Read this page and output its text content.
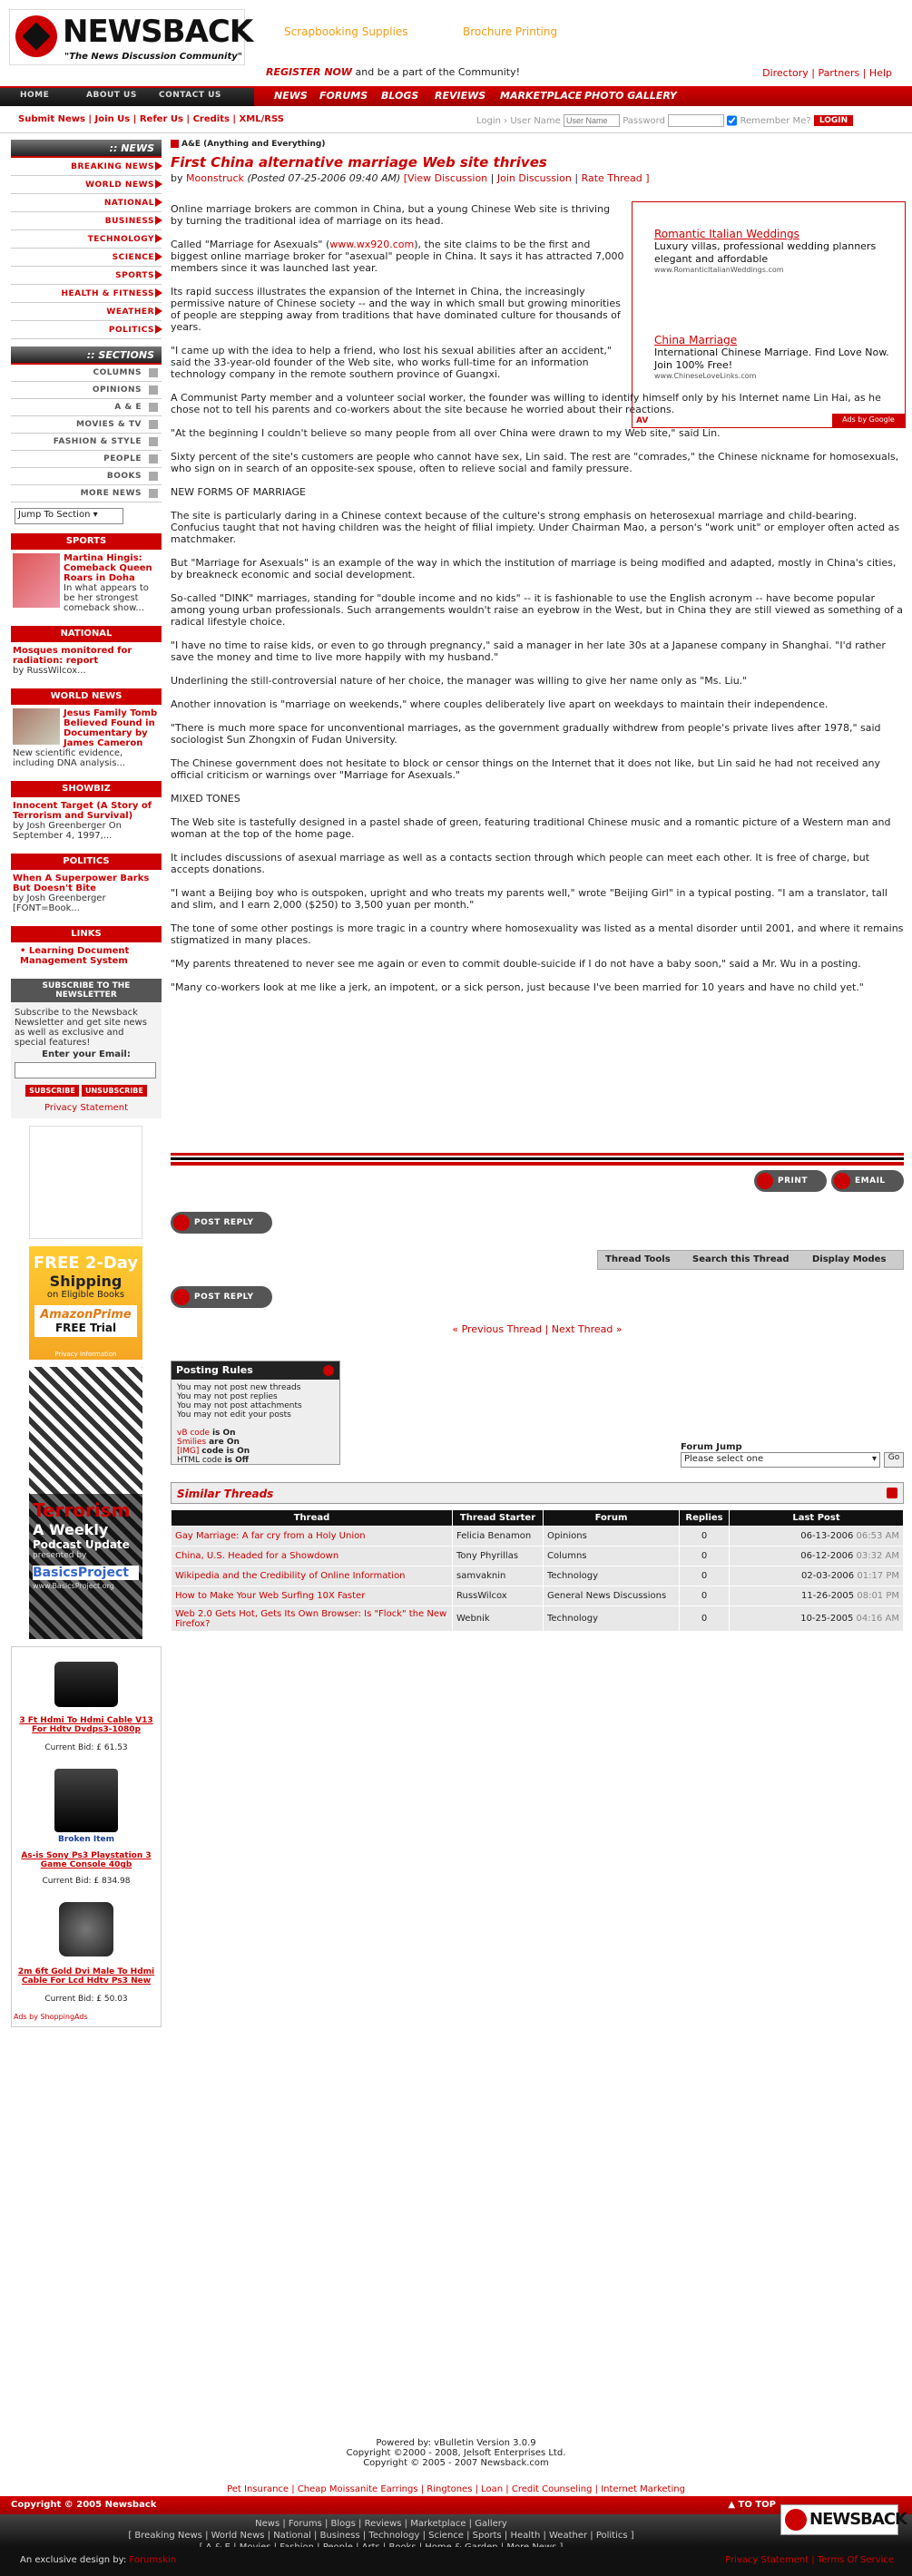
NEWSBACK
"The News Discussion Community"
Scrapbooking Supplies	Brochure Printing
REGISTER NOW and be a part of the Community!	Directory | Partners | Help
HOME	ABOUT US	CONTACT US	NEWS FORUMS BLOGS REVIEWS MARKETPLACE PHOTO GALLERY
Submit News | Join Us | Refer Us | Credits | XML/RSS	Login › User Name User Name	Password	Remember Me? LOGIN
:: NEWS
BREAKING NEWS
WORLD NEWS
NATIONAL
BUSINESS
TECHNOLOGY
SCIENCE
SPORTS
HEALTH & FITNESS
WEATHER
POLITICS
:: SECTIONS
COLUMNS
OPINIONS
A & E
MOVIES & TV
FASHION & STYLE
PEOPLE
BOOKS
MORE NEWS
Jump To Section ▾
SPORTS
Martina Hingis: Comeback Queen Roars in Doha
In what appears to be her strongest comeback show...
NATIONAL
Mosques monitored for radiation: report
by RussWilcox...
WORLD NEWS
Jesus Family Tomb Believed Found in Documentary by James Cameron
New scientific evidence, including DNA analysis...
SHOWBIZ
Innocent Target (A Story of Terrorism and Survival)
by Josh Greenberger On September 4, 1997,...
POLITICS
When A Superpower Barks But Doesn't Bite
by Josh Greenberger [FONT=Book...
LINKS
• Learning Document Management System
SUBSCRIBE TO THE NEWSLETTER
Subscribe to the Newsback Newsletter and get site news as well as exclusive and special features!
Enter your Email:
SUBSCRIBE UNSUBSCRIBE
Privacy Statement
FREE 2-Day
Shipping
on Eligible Books
AmazonPrime
FREE Trial
Privacy Information
Terrorism
A Weekly
Podcast Update
presented by
BasicsProject
www.BasicsProject.org
3 Ft Hdmi To Hdmi Cable V13 For Hdtv Dvdps3-1080p
Current Bid: £ 61.53
Broken Item
As-is Sony Ps3 Playstation 3 Game Console 40gb
Current Bid: £ 834.98
2m 6ft Gold Dvi Male To Hdmi Cable For Lcd Hdtv Ps3 New
Current Bid: £ 50.03
Ads by ShoppingAds
A&E (Anything and Everything)
First China alternative marriage Web site thrives
by Moonstruck (Posted 07-25-2006 09:40 AM) [View Discussion | Join Discussion | Rate Thread ]
Romantic Italian Weddings
Luxury villas, professional wedding planners elegant and affordable
www.RomanticItalianWeddings.com
China Marriage
International Chinese Marriage. Find Love Now. Join 100% Free!
www.ChineseLoveLinks.com
AV	Ads by Google

Online marriage brokers are common in China, but a young Chinese Web site is thriving by turning the traditional idea of marriage on its head.

Called "Marriage for Asexuals" (www.wx920.com), the site claims to be the first and biggest online marriage broker for "asexual" people in China. It says it has attracted 7,000 members since it was launched last year.

Its rapid success illustrates the expansion of the Internet in China, the increasingly permissive nature of Chinese society -- and the way in which small but growing minorities of people are stepping away from traditions that have dominated culture for thousands of years.

"I came up with the idea to help a friend, who lost his sexual abilities after an accident," said the 33-year-old founder of the Web site, who works full-time for an information technology company in the remote southern province of Guangxi.

A Communist Party member and a volunteer social worker, the founder was willing to identify himself only by his Internet name Lin Hai, as he chose not to tell his parents and co-workers about the site because he worried about their reactions.

"At the beginning I couldn't believe so many people from all over China were drawn to my Web site," said Lin.

Sixty percent of the site's customers are people who cannot have sex, Lin said. The rest are "comrades," the Chinese nickname for homosexuals, who sign on in search of an opposite-sex spouse, often to relieve social and family pressure.

NEW FORMS OF MARRIAGE

The site is particularly daring in a Chinese context because of the culture's strong emphasis on heterosexual marriage and child-bearing. Confucius taught that not having children was the height of filial impiety. Under Chairman Mao, a person's "work unit" or employer often acted as matchmaker.

But "Marriage for Asexuals" is an example of the way in which the institution of marriage is being modified and adapted, mostly in China's cities, by breakneck economic and social development.

So-called "DINK" marriages, standing for "double income and no kids" -- it is fashionable to use the English acronym -- have become popular among young urban professionals. Such arrangements wouldn't raise an eyebrow in the West, but in China they are still viewed as something of a radical lifestyle choice.

"I have no time to raise kids, or even to go through pregnancy," said a manager in her late 30s at a Japanese company in Shanghai. "I'd rather save the money and time to live more happily with my husband."

Underlining the still-controversial nature of her choice, the manager was willing to give her name only as "Ms. Liu."

Another innovation is "marriage on weekends," where couples deliberately live apart on weekdays to maintain their independence.

"There is much more space for unconventional marriages, as the government gradually withdrew from people's private lives after 1978," said sociologist Sun Zhongxin of Fudan University.

The Chinese government does not hesitate to block or censor things on the Internet that it does not like, but Lin said he had not received any official criticism or warnings over "Marriage for Asexuals."

MIXED TONES

The Web site is tastefully designed in a pastel shade of green, featuring traditional Chinese music and a romantic picture of a Western man and woman at the top of the home page.

It includes discussions of asexual marriage as well as a contacts section through which people can meet each other. It is free of charge, but accepts donations.

"I want a Beijing boy who is outspoken, upright and who treats my parents well," wrote "Beijing Girl" in a typical posting. "I am a translator, tall and slim, and I earn 2,000 ($250) to 3,500 yuan per month."

The tone of some other postings is more tragic in a country where homosexuality was listed as a mental disorder until 2001, and where it remains stigmatized in many places.

"My parents threatened to never see me again or even to commit double-suicide if I do not have a baby soon," said a Mr. Wu in a posting.

"Many co-workers look at me like a jerk, an impotent, or a sick person, just because I've been married for 10 years and have no child yet."

PRINT	EMAIL
POST REPLY
Thread Tools Search this Thread	Display Modes
POST REPLY
« Previous Thread | Next Thread »
Posting Rules
You may not post new threads
You may not post replies
You may not post attachments
You may not edit your posts
vB code is On
Smilies are On
[IMG] code is On
HTML code is Off
Forum Jump
Please select one	▾	Go
Similar Threads
Thread	Thread Starter	Forum	Replies	Last Post
Gay Marriage: A far cry from a Holy Union	Felicia Benamon	Opinions	0	06-13-2006 06:53 AM
China, U.S. Headed for a Showdown	Tony Phyrillas	Columns	0	06-12-2006 03:32 AM
Wikipedia and the Credibility of Online Information	samvaknin	Technology	0	02-03-2006 01:17 PM
How to Make Your Web Surfing 10X Faster	RussWilcox	General News Discussions	0	11-26-2005 08:01 PM
Web 2.0 Gets Hot, Gets Its Own Browser: Is "Flock" the New Firefox?	Webnik	Technology	0	10-25-2005 04:16 AM
Powered by: vBulletin Version 3.0.9
Copyright ©2000 - 2008, Jelsoft Enterprises Ltd.
Copyright © 2005 - 2007 Newsback.com
Pet Insurance | Cheap Moissanite Earrings | Ringtones | Loan | Credit Counseling | Internet Marketing
Copyright © 2005 Newsback	▲ TO TOP
News | Forums | Blogs | Reviews | Marketplace | Gallery
[ Breaking News | World News | National | Business | Technology | Science | Sports | Health | Weather | Politics ]
NEWSBACK
An exclusive design by: Forumskin	Privacy Statement | Terms Of Service
